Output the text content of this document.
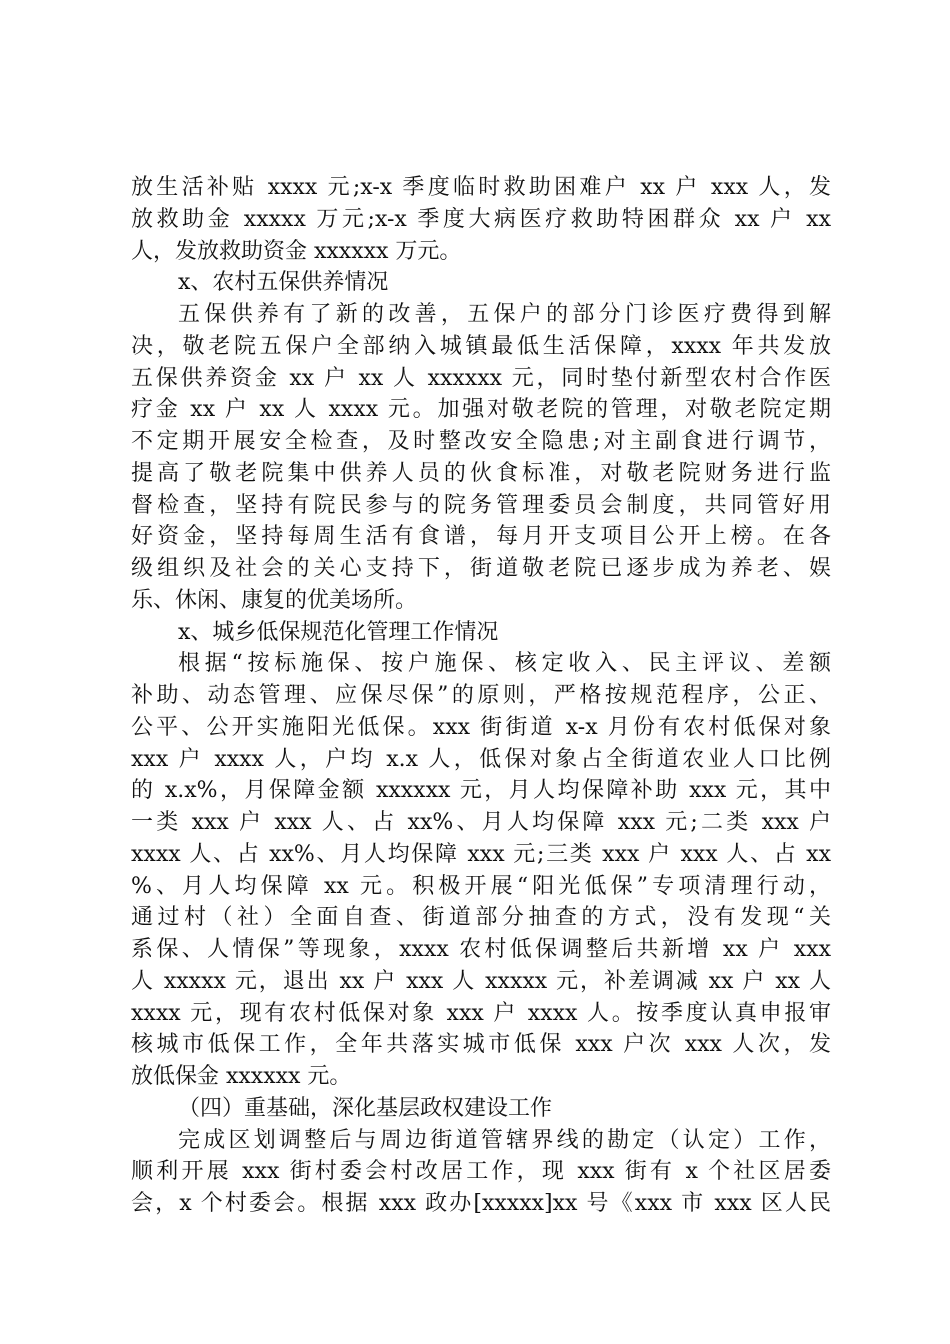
放生活补贴 xxxx 元;x-x 季度临时救助困难户 xx 户 xxx 人，发
放救助金 xxxxx 万元;x-x 季度大病医疗救助特困群众 xx 户 xx
人，发放救助资金 xxxxxx 万元。
x、农村五保供养情况
五保供养有了新的改善，五保户的部分门诊医疗费得到解
决，敬老院五保户全部纳入城镇最低生活保障，xxxx 年共发放
五保供养资金 xx 户 xx 人 xxxxxx 元，同时垫付新型农村合作医
疗金 xx 户 xx 人 xxxx 元。加强对敬老院的管理，对敬老院定期
不定期开展安全检查，及时整改安全隐患;对主副食进行调节，
提高了敬老院集中供养人员的伙食标准，对敬老院财务进行监
督检查，坚持有院民参与的院务管理委员会制度，共同管好用
好资金，坚持每周生活有食谱，每月开支项目公开上榜。在各
级组织及社会的关心支持下，街道敬老院已逐步成为养老、娱
乐、休闲、康复的优美场所。
x、城乡低保规范化管理工作情况
根据“按标施保、按户施保、核定收入、民主评议、差额
补助、动态管理、应保尽保”的原则，严格按规范程序，公正、
公平、公开实施阳光低保。xxx 街街道 x-x 月份有农村低保对象
xxx 户 xxxx 人，户均 x.x 人，低保对象占全街道农业人口比例
的 x.x%，月保障金额 xxxxxx 元，月人均保障补助 xxx 元，其中
一类 xxx 户 xxx 人、占 xx%、月人均保障 xxx 元;二类 xxx 户
xxxx 人、占 xx%、月人均保障 xxx 元;三类 xxx 户 xxx 人、占 xx
%、月人均保障 xx 元。积极开展“阳光低保”专项清理行动，
通过村（社）全面自查、街道部分抽查的方式，没有发现“关
系保、人情保”等现象，xxxx 农村低保调整后共新增 xx 户 xxx
人 xxxxx 元，退出 xx 户 xxx 人 xxxxx 元，补差调减 xx 户 xx 人
xxxx 元，现有农村低保对象 xxx 户 xxxx 人。按季度认真申报审
核城市低保工作，全年共落实城市低保 xxx 户次 xxx 人次，发
放低保金 xxxxxx 元。
（四）重基础，深化基层政权建设工作
完成区划调整后与周边街道管辖界线的勘定（认定）工作，
顺利开展 xxx 街村委会村改居工作，现 xxx 街有 x 个社区居委
会，x 个村委会。根据 xxx 政办[xxxxx]xx 号《xxx 市 xxx 区人民
